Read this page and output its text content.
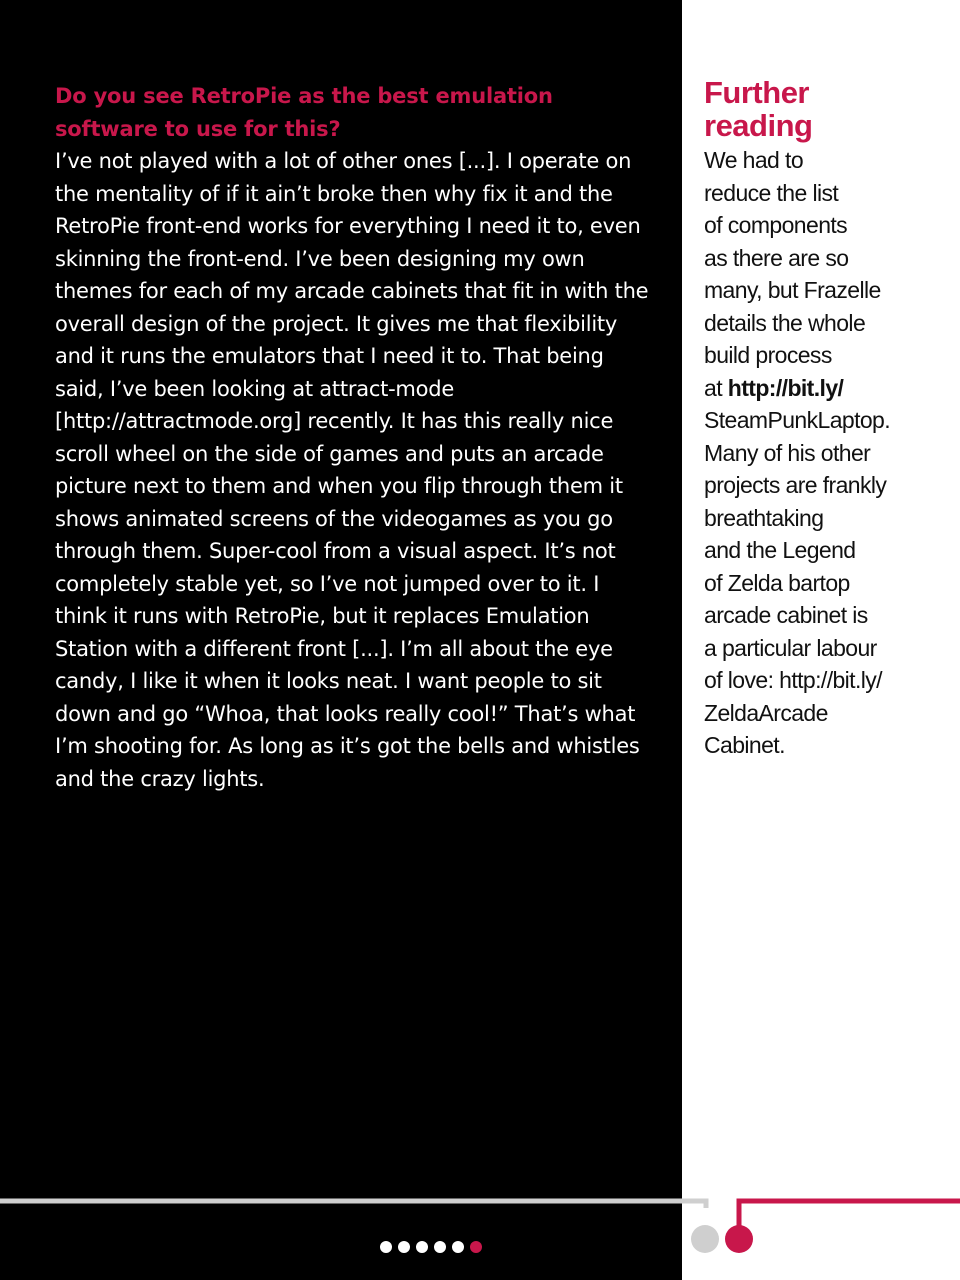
Do you see RetroPie as the best emulation software to use for this?

I’ve not played with a lot of other ones [...]. I operate on the mentality of if it ain’t broke then why fix it and the RetroPie front-end works for everything I need it to, even skinning the front-end. I’ve been designing my own themes for each of my arcade cabinets that fit in with the overall design of the project. It gives me that flexibility and it runs the emulators that I need it to. That being said, I’ve been looking at attract-mode [http://attractmode.org] recently. It has this really nice scroll wheel on the side of games and puts an arcade picture next to them and when you flip through them it shows animated screens of the videogames as you go through them. Super-cool from a visual aspect. It’s not completely stable yet, so I’ve not jumped over to it. I think it runs with RetroPie, but it replaces Emulation Station with a different front [...]. I’m all about the eye candy, I like it when it looks neat. I want people to sit down and go “Whoa, that looks really cool!” That’s what I’m shooting for. As long as it’s got the bells and whistles and the crazy lights.

Further
reading

We had to
reduce the list
of components
as there are so
many, but Frazelle
details the whole
build process
at http://bit.ly/
SteamPunkLaptop.
Many of his other
projects are frankly
breathtaking
and the Legend
of Zelda bartop
arcade cabinet is
a particular labour
of love: http://bit.ly/
ZeldaArcade
Cabinet.
